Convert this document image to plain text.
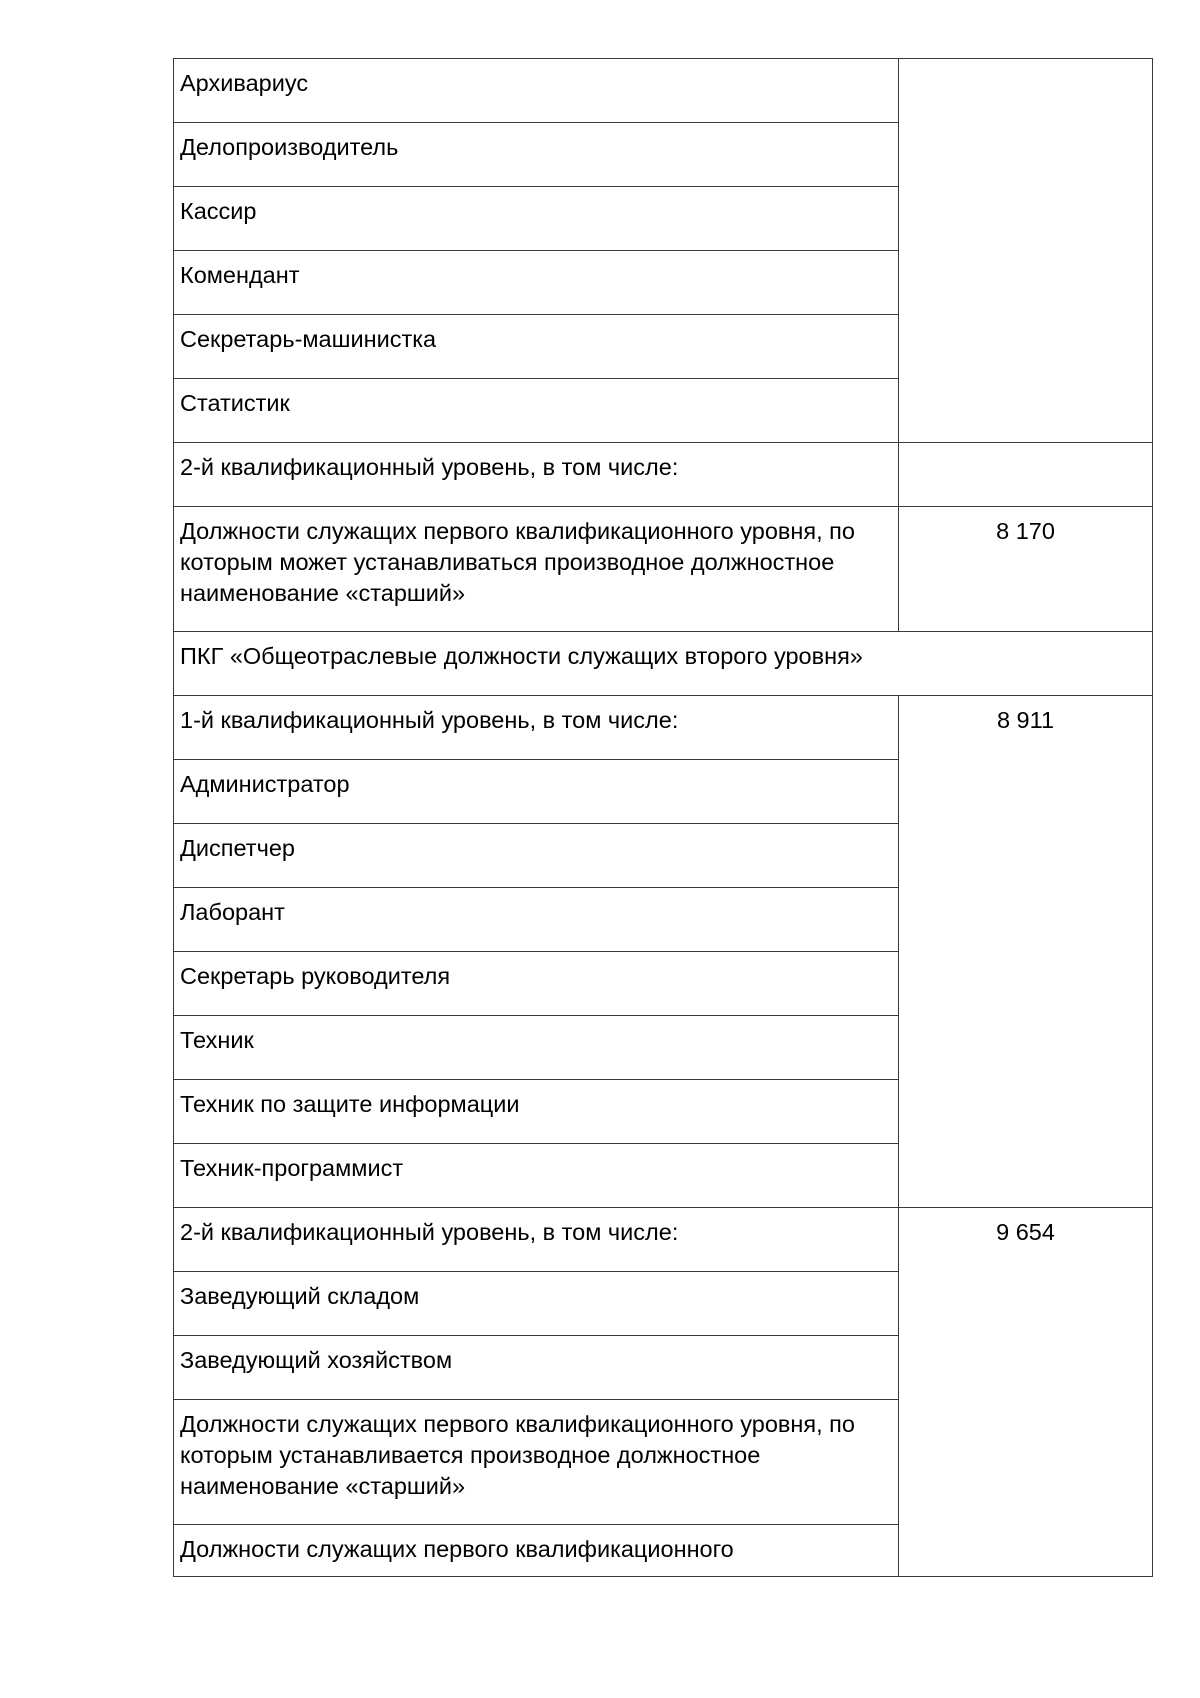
Архивариус	
Делопроизводитель	
Кассир	
Комендант	
Секретарь-машинистка	
Статистик	
2-й квалификационный уровень, в том числе:	
Должности служащих первого квалификационного уровня, по которым может устанавливаться производное должностное наименование «старший»	8 170
ПКГ «Общеотраслевые должности служащих второго уровня»	
1-й квалификационный уровень, в том числе:	8 911
Администратор	
Диспетчер	
Лаборант	
Секретарь руководителя	
Техник	
Техник по защите информации	
Техник-программист	
2-й квалификационный уровень, в том числе:	9 654
Заведующий складом	
Заведующий хозяйством	
Должности служащих первого квалификационного уровня, по которым устанавливается производное должностное наименование «старший»	
Должности служащих первого квалификационного	
